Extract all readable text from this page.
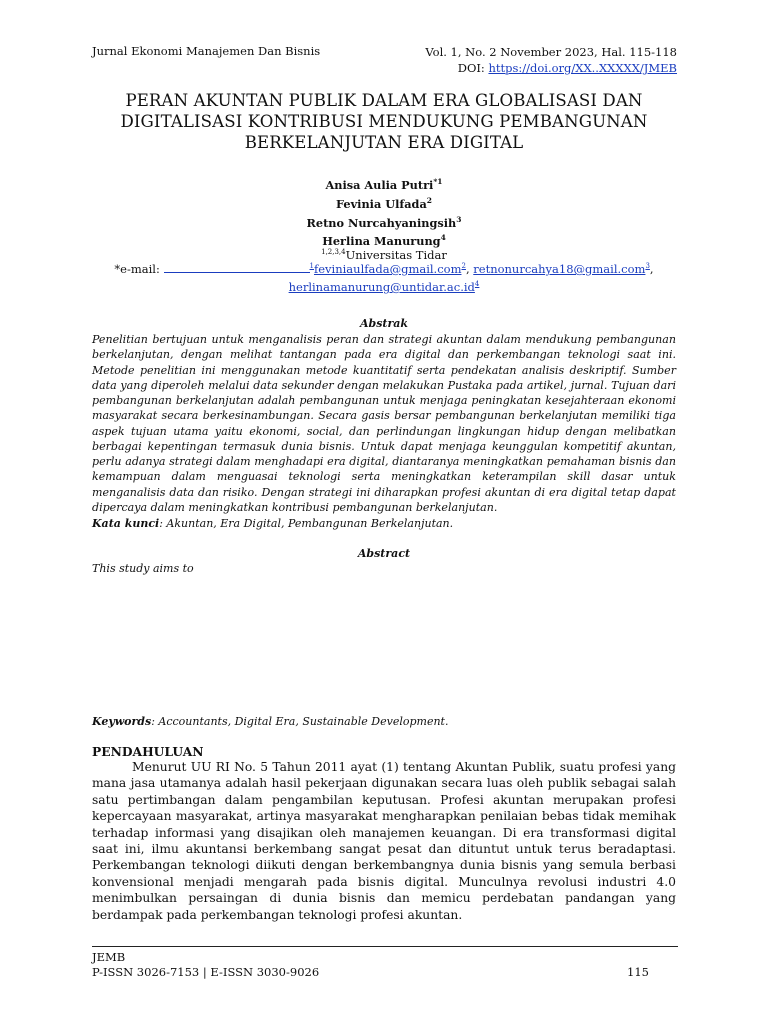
Jurnal Ekonomi Manajemen Dan Bisnis	Vol. 1, No. 2 November 2023, Hal. 115-118
DOI: https://doi.org/XX..XXXXX/JMEB
PERAN AKUNTAN PUBLIK DALAM ERA GLOBALISASI DAN
DIGITALISASI KONTRIBUSI MENDUKUNG PEMBANGUNAN
BERKELANJUTAN ERA DIGITAL
Anisa Aulia Putri$^{*1}$
Fevinia Ulfada$^2$
Retno Nurcahyaningsih$^3$
Herlina Manurung$^4$
$^{1,2,3,4}$Universitas Tidar
*e-mail:	$^1$feviniaulfada@gmail.com$^2$, retnonurcahya18@gmail.com$^3$,
$herlinamanurung@untidar.ac.id^4$
Abstrak
Penelitian bertujuan untuk menganalisis peran dan strategi akuntan dalam mendukung pembangunan berkelanjutan, dengan melihat tantangan pada era digital dan perkembangan teknologi saat ini. Metode penelitian ini menggunakan metode kuantitatif serta pendekatan analisis deskriptif. Sumber data yang diperoleh melalui data sekunder dengan melakukan Pustaka pada artikel, jurnal. Tujuan dari pembangunan berkelanjutan adalah pembangunan untuk menjaga peningkatan kesejahteraan ekonomi masyarakat secara berkesinambungan. Secara gasis bersar pembangunan berkelanjutan memiliki tiga aspek tujuan utama yaitu ekonomi, social, dan perlindungan lingkungan hidup dengan melibatkan berbagai kepentingan termasuk dunia bisnis. Untuk dapat menjaga keunggulan kompetitif akuntan, perlu adanya strategi dalam menghadapi era digital, diantaranya meningkatkan pemahaman bisnis dan kemampuan dalam menguasai teknologi serta meningkatkan keterampilan skill dasar untuk menganalisis data dan risiko. Dengan strategi ini diharapkan profesi akuntan di era digital tetap dapat dipercaya dalam meningkatkan kontribusi pembangunan berkelanjutan.
Kata kunci: Akuntan, Era Digital, Pembangunan Berkelanjutan.
Abstract
This study aims to
Keywords: Accountants, Digital Era, Sustainable Development.
PENDAHULUAN
Menurut UU RI No. 5 Tahun 2011 ayat (1) tentang Akuntan Publik, suatu profesi yang mana jasa utamanya adalah hasil pekerjaan digunakan secara luas oleh publik sebagai salah satu pertimbangan dalam pengambilan keputusan. Profesi akuntan merupakan profesi kepercayaan masyarakat, artinya masyarakat mengharapkan penilaian bebas tidak memihak terhadap informasi yang disajikan oleh manajemen keuangan. Di era transformasi digital saat ini, ilmu akuntansi berkembang sangat pesat dan dituntut untuk terus beradaptasi. Perkembangan teknologi diikuti dengan berkembangnya dunia bisnis yang semula berbasi konvensional menjadi mengarah pada bisnis digital. Munculnya revolusi industri 4.0 menimbulkan persaingan di dunia bisnis dan memicu perdebatan pandangan yang berdampak pada perkembangan teknologi profesi akuntan.
JEMB
P-ISSN 3026-7153 | E-ISSN 3030-9026	115
